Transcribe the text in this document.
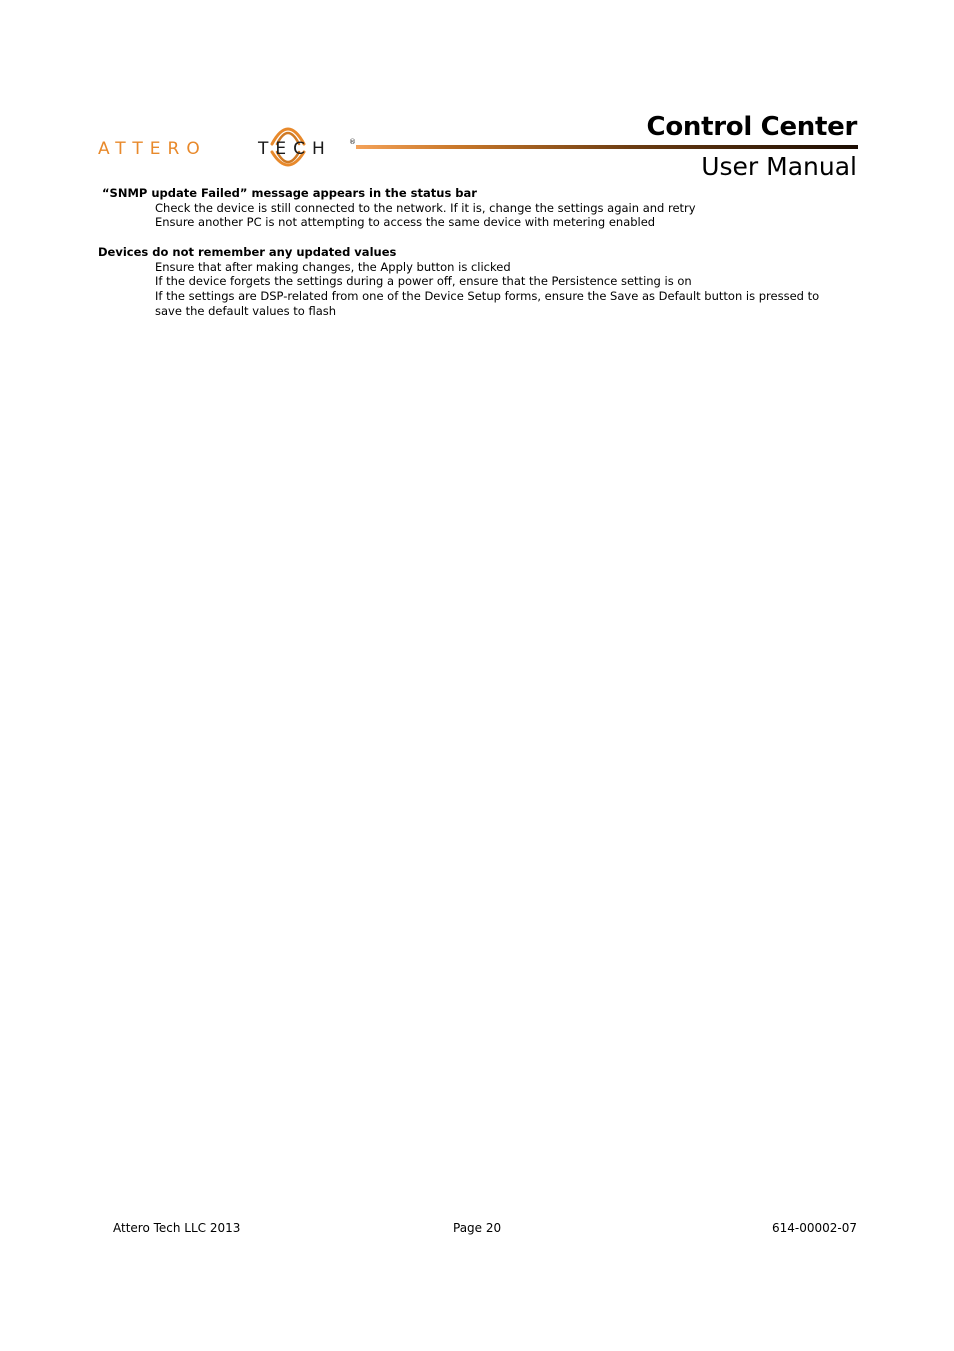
ATTERO	TECH ®	Control Center
User Manual
“SNMP update Failed” message appears in the status bar
Check the device is still connected to the network. If it is, change the settings again and retry
Ensure another PC is not attempting to access the same device with metering enabled
Devices do not remember any updated values
Ensure that after making changes, the Apply button is clicked
If the device forgets the settings during a power off, ensure that the Persistence setting is on
If the settings are DSP-related from one of the Device Setup forms, ensure the Save as Default button is pressed to
save the default values to flash
Attero Tech LLC 2013	Page 20	614-00002-07
